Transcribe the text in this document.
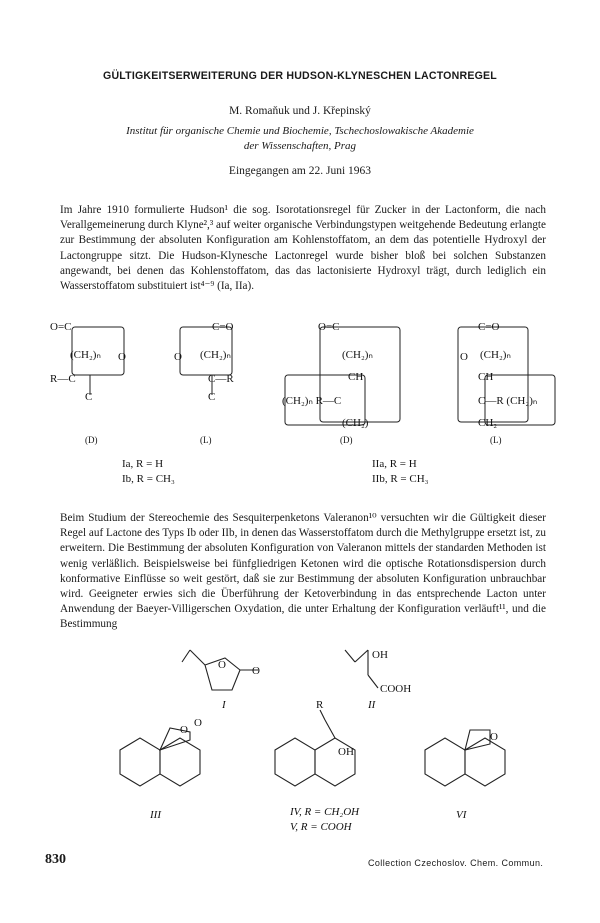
GÜLTIGKEITSERWEITERUNG DER HUDSON-KLYNESCHEN LACTONREGEL
M. Romaňuk und J. Křepinský
Institut für organische Chemie und Biochemie, Tschechoslowakische Akademie
der Wissenschaften, Prag
Eingegangen am 22. Juni 1963
Im Jahre 1910 formulierte Hudson¹ die sog. Isorotationsregel für Zucker in der Lactonform, die nach Verallgemeinerung durch Klyne²,³ auf weiter organische Verbindungstypen weitgehende Bedeutung erlangte zur Bestimmung der absoluten Konfiguration am Kohlenstoffatom, an dem das potentielle Hydroxyl der Lactongruppe sitzt. Die Hudson-Klynesche Lactonregel wurde bisher bloß bei solchen Substanzen angewandt, bei denen das Kohlenstoffatom, das das lactonisierte Hydroxyl trägt, durch lediglich ein Wasserstoffatom substituiert ist⁴⁻⁹ (Ia, IIa).
O=C
O
(CH₂)ₙ
R—C
C
C=O
O (CH₂)ₙ
C—R
C
O=C
(CH₂)ₙ
CH
(CH₂)ₙ R—C
(CH₂)
C=O
O (CH₂)ₙ
CH
C—R (CH₂)ₙ
CH₂
(D)	(L)	(D)	(L)
Ia, R = H
Ib, R = CH₃
IIa, R = H
IIb, R = CH₃
Beim Studium der Stereochemie des Sesquiterpenketons Valeranon¹⁰ versuchten wir die Gültigkeit dieser Regel auf Lactone des Typs Ib oder IIb, in denen das Wasserstoffatom durch die Methylgruppe ersetzt ist, zu erweitern. Die Bestimmung der absoluten Konfiguration von Valeranon mittels der standarden Methoden ist wenig verläßlich. Beispielsweise bei fünfgliedrigen Ketonen wird die optische Rotationsdispersion durch konformative Einflüsse so weit gestört, daß sie zur Bestimmung der absoluten Konfiguration unbrauchbar wird. Geeigneter erwies sich die Überführung der Ketoverbindung in das entsprechende Lacton unter Anwendung der Baeyer-Villigerschen Oxydation, die unter Erhaltung der Konfiguration verläuft¹¹, und die Bestimmung
O O
OH
COOH
O
O
R
OH
O
I	II
III	IV, R = CH₂OH
V, R = COOH
VI
830	Collection Czechoslov. Chem. Commun.
